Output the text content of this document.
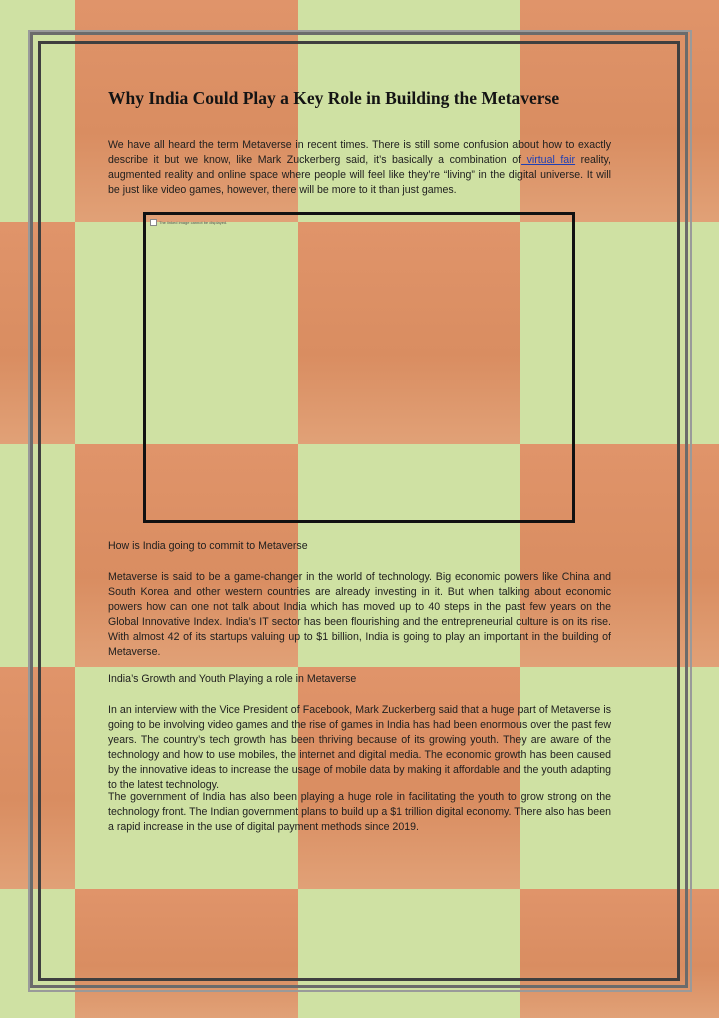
Why India Could Play a Key Role in Building the Metaverse
We have all heard the term Metaverse in recent times. There is still some confusion about how to exactly describe it but we know, like Mark Zuckerberg said, it’s basically a combination of virtual fair reality, augmented reality and online space where people will feel like they’re “living” in the digital universe. It will be just like video games, however, there will be more to it than just games.
The linked image cannot be displayed.
How is India going to commit to Metaverse
Metaverse is said to be a game-changer in the world of technology. Big economic powers like China and South Korea and other western countries are already investing in it. But when talking about economic powers how can one not talk about India which has moved up to 40 steps in the past few years on the Global Innovative Index. India’s IT sector has been flourishing and the entrepreneurial culture is on its rise. With almost 42 of its startups valuing up to $1 billion, India is going to play an important in the building of Metaverse.
India’s Growth and Youth Playing a role in Metaverse
In an interview with the Vice President of Facebook, Mark Zuckerberg said that a huge part of Metaverse is going to be involving video games and the rise of games in India has had been enormous over the past few years. The country’s tech growth has been thriving because of its growing youth. They are aware of the technology and how to use mobiles, the internet and digital media. The economic growth has been caused by the innovative ideas to increase the usage of mobile data by making it affordable and the youth adapting to the latest technology.
The government of India has also been playing a huge role in facilitating the youth to grow strong on the technology front. The Indian government plans to build up a $1 trillion digital economy. There also has been a rapid increase in the use of digital payment methods since 2019.
